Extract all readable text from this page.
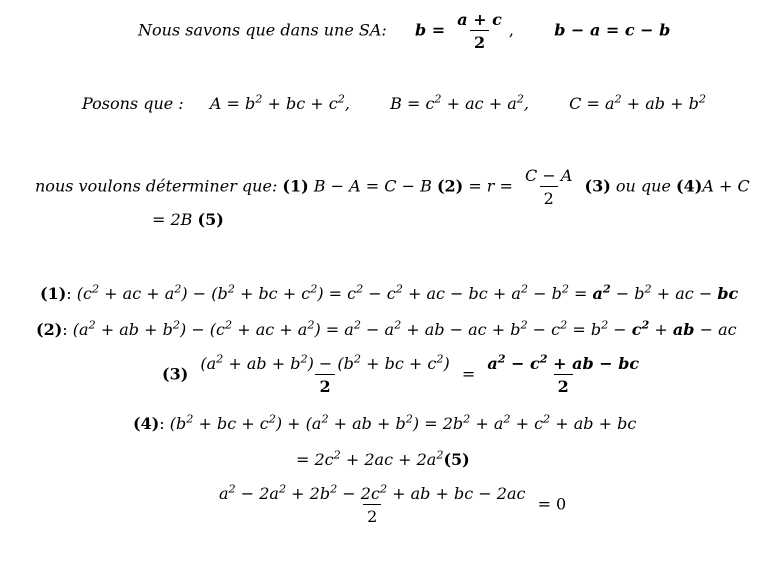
Nous savons que dans une SA: $b = \frac{a + c}{2}$ ,	b − a = c − b
Posons que : $A = b^2$ + bc + $c^2$,	$B = c^2$ + ac + $a^2$,	$C = a^2$ + ab + $b^2$
nous voulons déterminer que: (1) B − A = C − B $(2) = r = \frac{C - A}{2} (3)$ ou que (4)A + C
= 2B (5)
(1): ($c^2$ + ac + $a^2) - (b^2$ + bc + $c^2) = c^2 - c^2$ + ac − bc + $a^2 - b^2 = a^2 - b^2$ + ac − bc
(2): ($a^2$ + ab + $b^2) - (c^2$ + ac + $a^2) = a^2 - a^2$ + ab − ac + $b^2 - c^2 = b^2 - c^2$ + ab − ac
$(3) \frac{(a^2 + ab + b^2) - (b^2 + bc + c^2)}{2} = \frac{a^2 - c^2 + ab - bc}{2}$
(4): ($b^2$ + bc + $c^2) + (a^2$ + ab + $b^2) = 2b^2 + a^2 + c^2$ + ab + bc
= $2c^2 + 2ac + 2a^2(5)$
$\frac{a^2 - 2a^2 + 2b^2 - 2c^2 + ab + bc - 2ac}{2} = 0$
